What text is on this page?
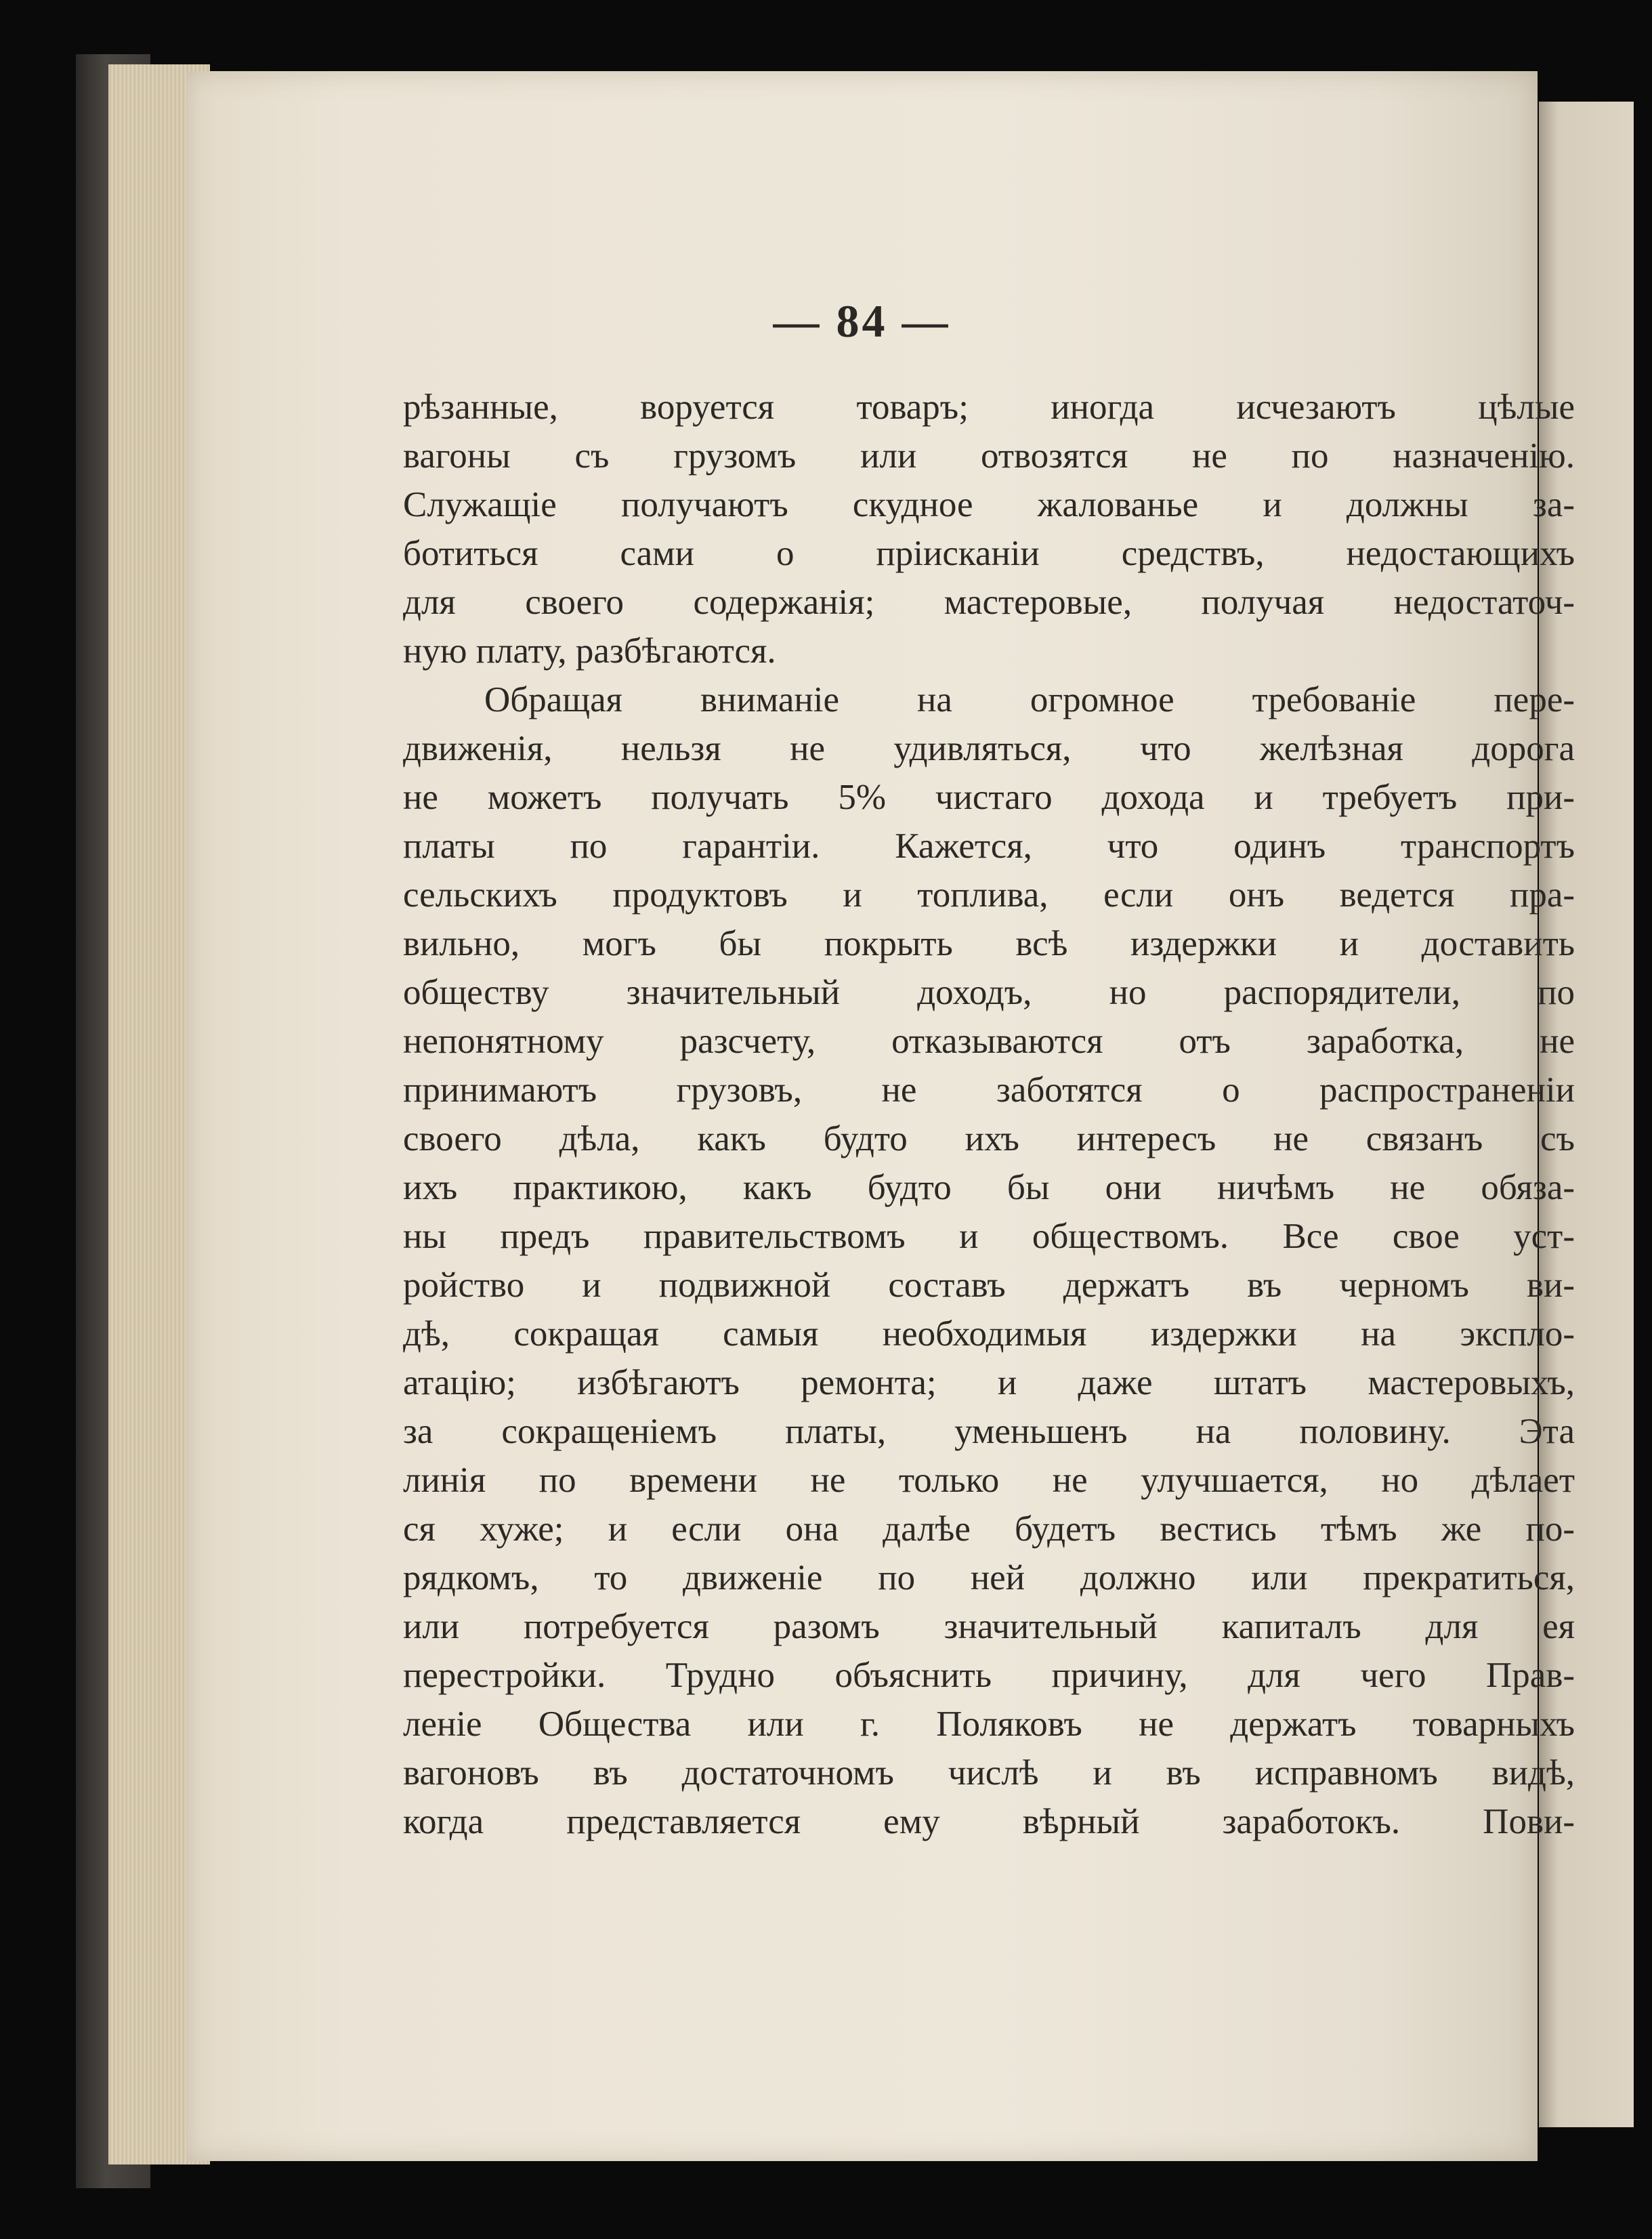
— 84 —
рѣзанные, воруется товаръ; иногда исчезаютъ цѣлые
вагоны съ грузомъ или отвозятся не по назначенію.
Служащіе получаютъ скудное жалованье и должны за-
ботиться сами о пріисканіи средствъ, недостающихъ
для своего содержанія; мастеровые, получая недостаточ-
ную плату, разбѣгаются.
Обращая вниманіе на огромное требованіе пере-
движенія, нельзя не удивляться, что желѣзная дорога
не можетъ получать 5% чистаго дохода и требуетъ при-
платы по гарантіи. Кажется, что одинъ транспортъ
сельскихъ продуктовъ и топлива, если онъ ведется пра-
вильно, могъ бы покрыть всѣ издержки и доставить
обществу значительный доходъ, но распорядители, по
непонятному разсчету, отказываются отъ заработка, не
принимаютъ грузовъ, не заботятся о распространеніи
своего дѣла, какъ будто ихъ интересъ не связанъ съ
ихъ практикою, какъ будто бы они ничѣмъ не обяза-
ны предъ правительствомъ и обществомъ. Все свое уст-
ройство и подвижной составъ держатъ въ черномъ ви-
дѣ, сокращая самыя необходимыя издержки на экспло-
атацію; избѣгаютъ ремонта; и даже штатъ мастеровыхъ,
за сокращеніемъ платы, уменьшенъ на половину. Эта
линія по времени не только не улучшается, но дѣлает
ся хуже; и если она далѣе будетъ вестись тѣмъ же по-
рядкомъ, то движеніе по ней должно или прекратиться,
или потребуется разомъ значительный капиталъ для ея
перестройки. Трудно объяснить причину, для чего Прав-
леніе Общества или г. Поляковъ не держатъ товарныхъ
вагоновъ въ достаточномъ числѣ и въ исправномъ видѣ,
когда представляется ему вѣрный заработокъ. Пови-
